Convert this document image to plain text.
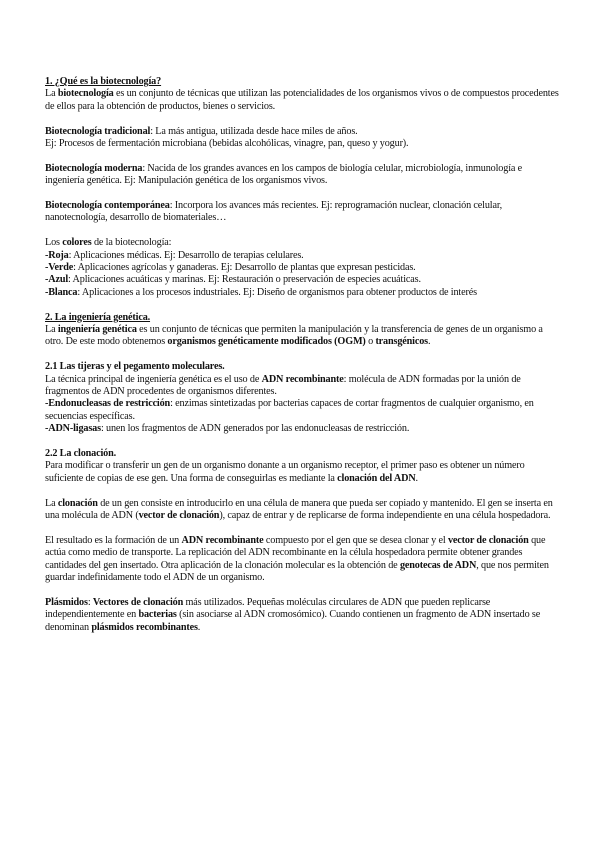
1. ¿Qué es la biotecnología?
La biotecnología es un conjunto de técnicas que utilizan las potencialidades de los organismos vivos o de compuestos procedentes de ellos para la obtención de productos, bienes o servicios.
Biotecnología tradicional: La más antigua, utilizada desde hace miles de años.
Ej: Procesos de fermentación microbiana (bebidas alcohólicas, vinagre, pan, queso y yogur).
Biotecnología moderna: Nacida de los grandes avances en los campos de biología celular, microbiología, inmunología e ingeniería genética. Ej: Manipulación genética de los organismos vivos.
Biotecnología contemporánea: Incorpora los avances más recientes. Ej: reprogramación nuclear, clonación celular, nanotecnología, desarrollo de biomateriales…
Los colores de la biotecnología:
-Roja: Aplicaciones médicas. Ej: Desarrollo de terapias celulares.
-Verde: Aplicaciones agrícolas y ganaderas. Ej: Desarrollo de plantas que expresan pesticidas.
-Azul: Aplicaciones acuáticas y marinas. Ej: Restauración o preservación de especies acuáticas.
-Blanca: Aplicaciones a los procesos industriales. Ej: Diseño de organismos para obtener productos de interés
2. La ingeniería genética.
La ingeniería genética es un conjunto de técnicas que permiten la manipulación y la transferencia de genes de un organismo a otro. De este modo obtenemos organismos genéticamente modificados (OGM) o transgénicos.
2.1 Las tijeras y el pegamento moleculares.
La técnica principal de ingeniería genética es el uso de ADN recombinante: molécula de ADN formadas por la unión de fragmentos de ADN procedentes de organismos diferentes.
-Endonucleasas de restricción: enzimas sintetizadas por bacterias capaces de cortar fragmentos de cualquier organismo, en secuencias específicas.
-ADN-ligasas: unen los fragmentos de ADN generados por las endonucleasas de restricción.
2.2 La clonación.
Para modificar o transferir un gen de un organismo donante a un organismo receptor, el primer paso es obtener un número suficiente de copias de ese gen. Una forma de conseguirlas es mediante la clonación del ADN.
La clonación de un gen consiste en introducirlo en una célula de manera que pueda ser copiado y mantenido. El gen se inserta en una molécula de ADN (vector de clonación), capaz de entrar y de replicarse de forma independiente en una célula hospedadora.
El resultado es la formación de un ADN recombinante compuesto por el gen que se desea clonar y el vector de clonación que actúa como medio de transporte. La replicación del ADN recombinante en la célula hospedadora permite obtener grandes cantidades del gen insertado. Otra aplicación de la clonación molecular es la obtención de genotecas de ADN, que nos permiten guardar indefinidamente todo el ADN de un organismo.
Plásmidos: Vectores de clonación más utilizados. Pequeñas moléculas circulares de ADN que pueden replicarse independientemente en bacterias (sin asociarse al ADN cromosómico). Cuando contienen un fragmento de ADN insertado se denominan plásmidos recombinantes.
